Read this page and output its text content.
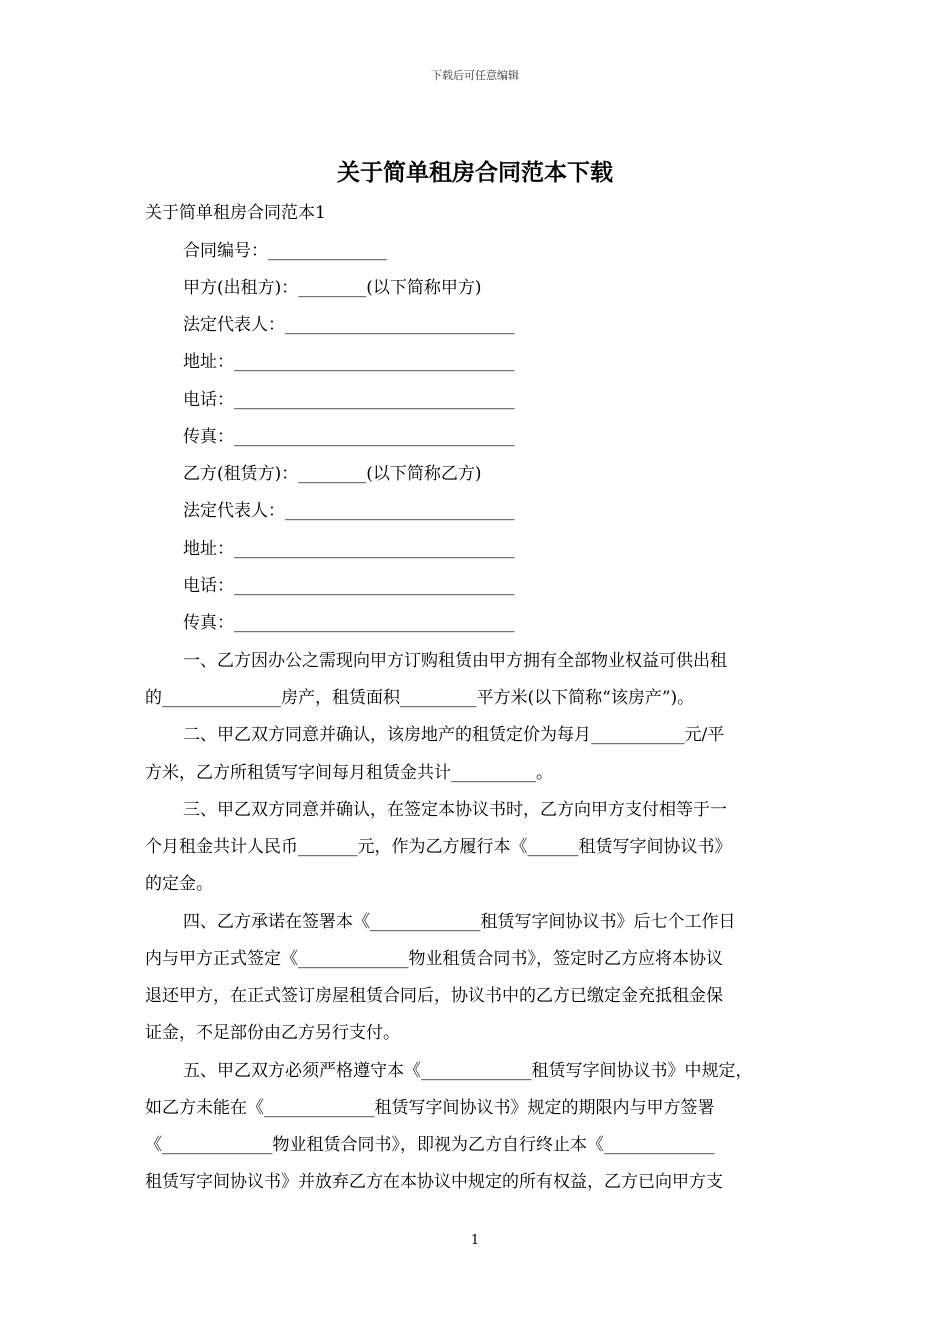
下载后可任意编辑
关于简单租房合同范本下载
关于简单租房合同范本1
合同编号：______________
甲方(出租方)：________(以下简称甲方)
法定代表人：___________________________
地址：_________________________________
电话：_________________________________
传真：_________________________________
乙方(租赁方)：________(以下简称乙方)
法定代表人：___________________________
地址：_________________________________
电话：_________________________________
传真：_________________________________
一、乙方因办公之需现向甲方订购租赁由甲方拥有全部物业权益可供出租
的______________房产，租赁面积_________平方米(以下简称“该房产”)。
二、甲乙双方同意并确认，该房地产的租赁定价为每月___________元/平
方米，乙方所租赁写字间每月租赁金共计__________。
三、甲乙双方同意并确认，在签定本协议书时，乙方向甲方支付相等于一
个月租金共计人民币_______元，作为乙方履行本《______租赁写字间协议书》
的定金。
四、乙方承诺在签署本《_____________租赁写字间协议书》后七个工作日
内与甲方正式签定《_____________物业租赁合同书》，签定时乙方应将本协议
退还甲方，在正式签订房屋租赁合同后，协议书中的乙方已缴定金充抵租金保
证金，不足部份由乙方另行支付。
五、甲乙双方必须严格遵守本《_____________租赁写字间协议书》中规定，
如乙方未能在《_____________租赁写字间协议书》规定的期限内与甲方签署
《_____________物业租赁合同书》，即视为乙方自行终止本《_____________
租赁写字间协议书》并放弃乙方在本协议中规定的所有权益，乙方已向甲方支
1
